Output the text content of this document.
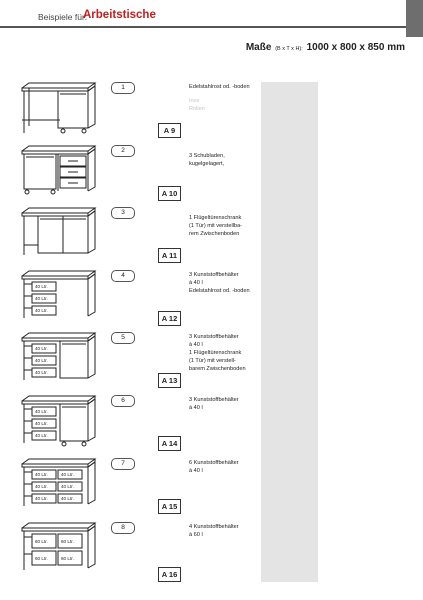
Beispiele für:
Arbeitstische
Maße (B x T x H): 1000 x 800 x 850 mm
1
A 9
Edelstahlrost od. -boden
Inox
Rollen
2
A 10
3 Schubladen,
kugelgelagert,
3
A 11
1 Flügeltürenschrank
(1 Tür) mit verstellba-
rem Zwischenboden
40 Ltr.
40 Ltr.
40 Ltr.
4
A 12
3 Kunststoffbehälter
à 40 l
Edelstahlrost od. -boden
40 Ltr.
40 Ltr.
40 Ltr.
5
A 13
3 Kunststoffbehälter
à 40 l
1 Flügeltürenschrank
(1 Tür) mit verstell-
barem Zwischenboden
40 Ltr.
40 Ltr.
40 Ltr.
6
A 14
3 Kunststoffbehälter
à 40 l
40 Ltr.	40 Ltr.
40 Ltr.	40 Ltr.
40 Ltr.	40 Ltr.
7
A 15
6 Kunststoffbehälter
à 40 l
60 Ltr.	60 Ltr.
60 Ltr.	60 Ltr.
8
A 16
4 Kunststoffbehälter
à 60 l
